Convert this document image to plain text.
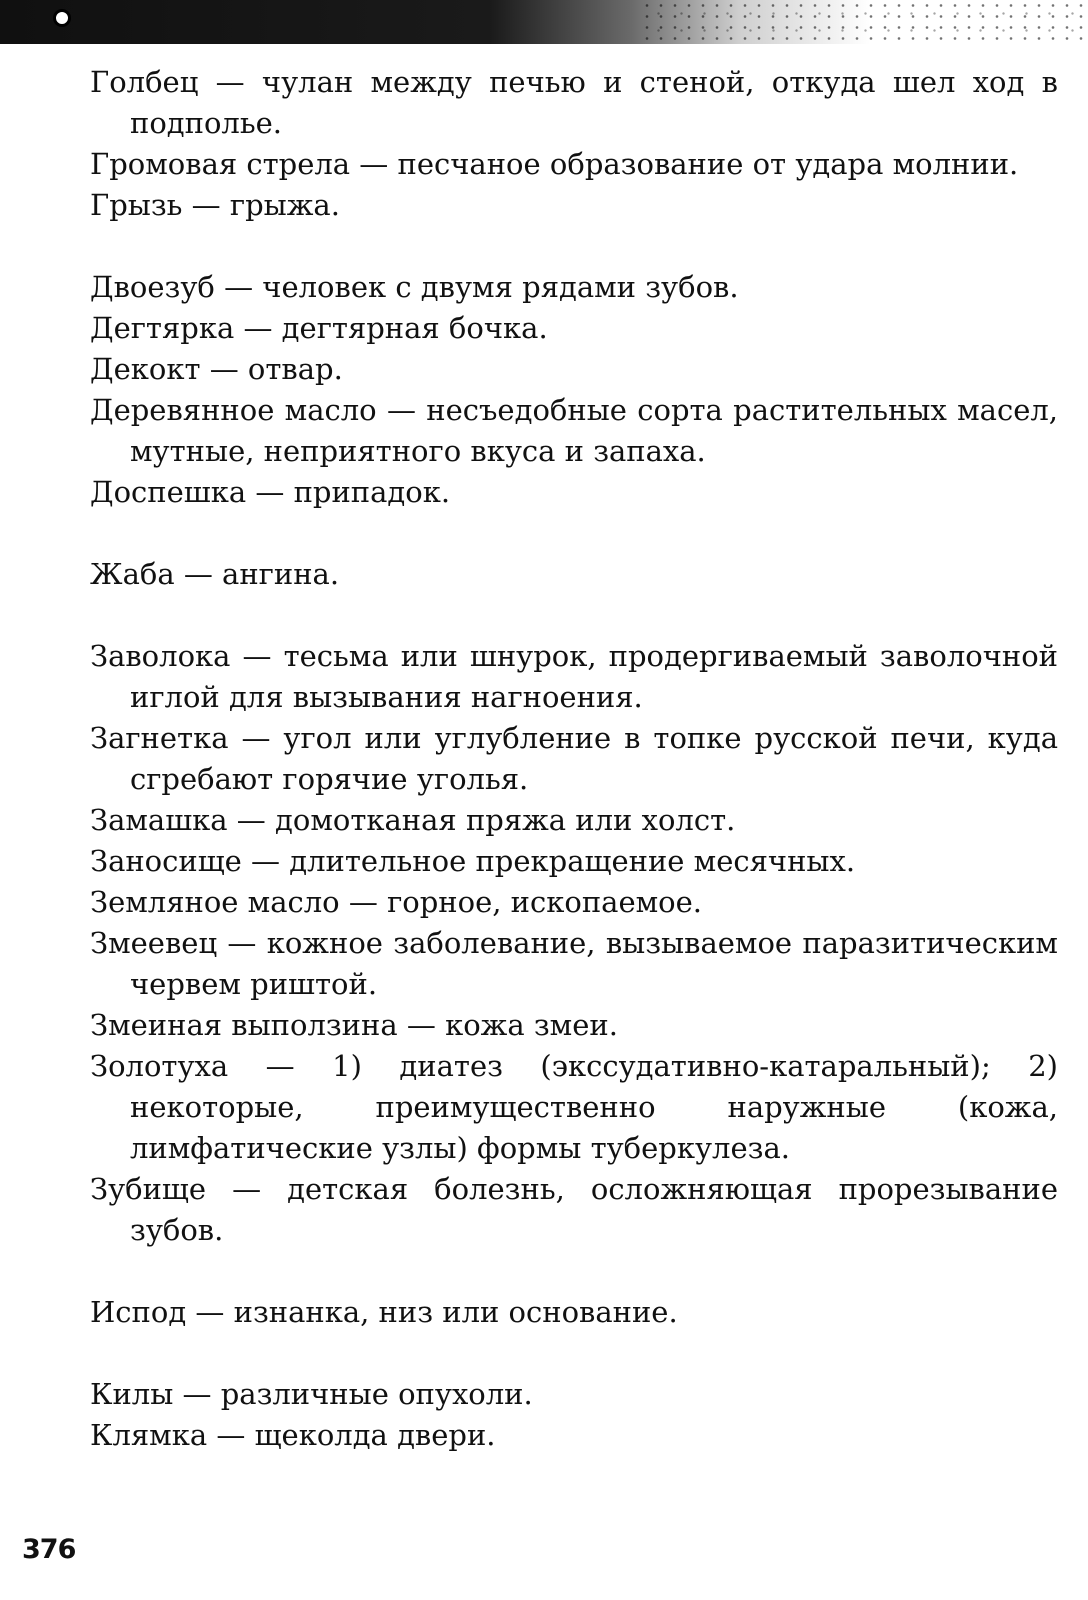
Голбец — чулан между печью и стеной, откуда шел ход в подполье.

Громовая стрела — песчаное образование от удара молнии.

Грызь — грыжа.

Двоезуб — человек с двумя рядами зубов.

Дегтярка — дегтярная бочка.

Декокт — отвар.

Деревянное масло — несъедобные сорта растительных масел, мутные, неприятного вкуса и запаха.

Доспешка — припадок.

Жаба — ангина.

Заволока — тесьма или шнурок, продергиваемый заволочной иглой для вызывания нагноения.

Загнетка — угол или углубление в топке русской печи, куда сгребают горячие уголья.

Замашка — домотканая пряжа или холст.

Заносище — длительное прекращение месячных.

Земляное масло — горное, ископаемое.

Змеевец — кожное заболевание, вызываемое паразитическим червем риштой.

Змеиная выползина — кожа змеи.

Золотуха — 1) диатез (экссудативно-катаральный); 2) некоторые, преимущественно наружные (кожа, лимфатические узлы) формы туберкулеза.

Зубище — детская болезнь, осложняющая прорезывание зубов.

Испод — изнанка, низ или основание.

Килы — различные опухоли.

Клямка — щеколда двери.

376
